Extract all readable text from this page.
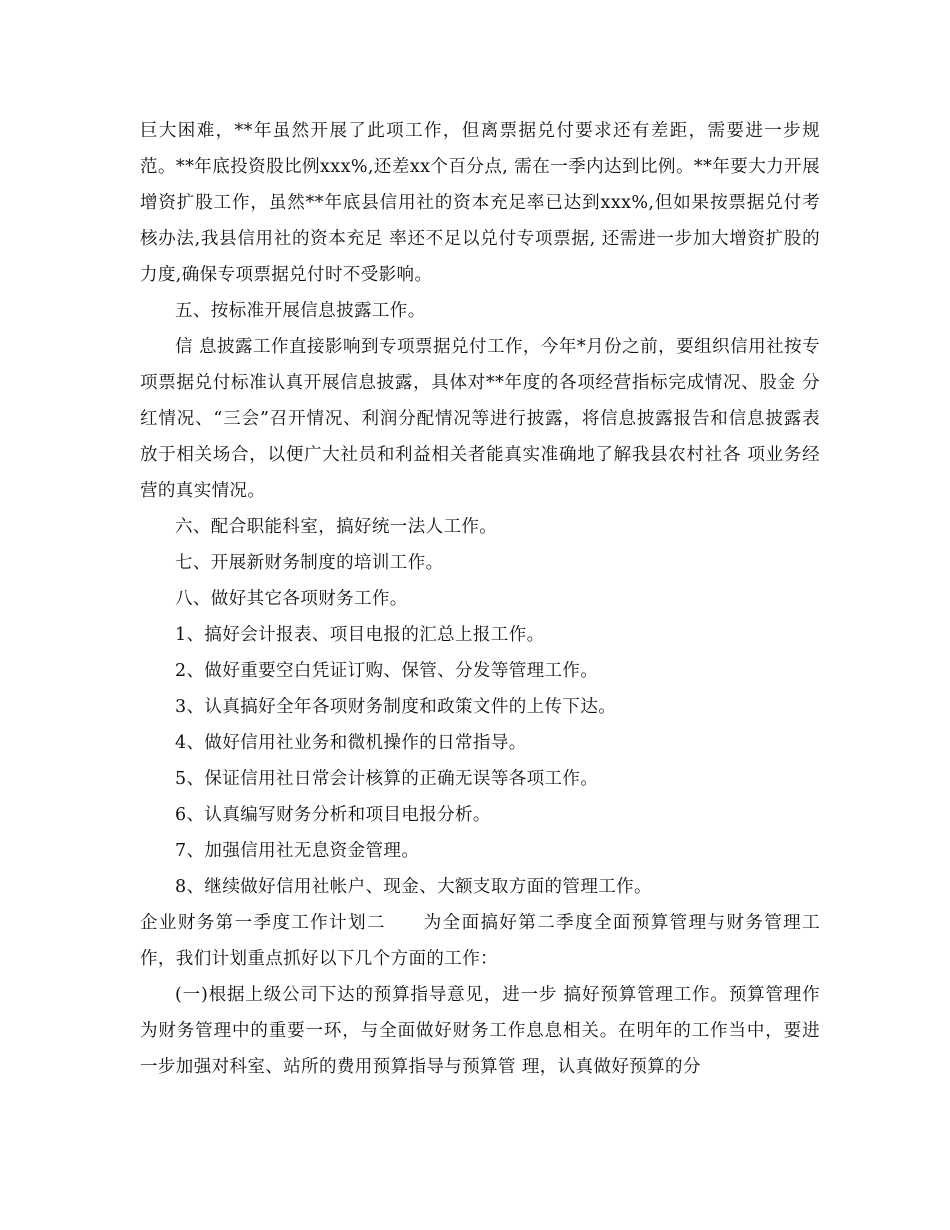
巨大困难，**年虽然开展了此项工作，但离票据兑付要求还有差距，需要进一步规范。**年底投资股比例xxx%,还差xx个百分点, 需在一季内达到比例。**年要大力开展增资扩股工作，虽然**年底县信用社的资本充足率已达到xxx%,但如果按票据兑付考核办法,我县信用社的资本充足 率还不足以兑付专项票据, 还需进一步加大增资扩股的力度,确保专项票据兑付时不受影响。

五、按标准开展信息披露工作。

信 息披露工作直接影响到专项票据兑付工作，今年*月份之前，要组织信用社按专项票据兑付标准认真开展信息披露，具体对**年度的各项经营指标完成情况、股金 分红情况、“三会”召开情况、利润分配情况等进行披露，将信息披露报告和信息披露表放于相关场合，以便广大社员和利益相关者能真实准确地了解我县农村社各 项业务经营的真实情况。

六、配合职能科室，搞好统一法人工作。

七、开展新财务制度的培训工作。

八、做好其它各项财务工作。

1、搞好会计报表、项目电报的汇总上报工作。

2、做好重要空白凭证订购、保管、分发等管理工作。

3、认真搞好全年各项财务制度和政策文件的上传下达。

4、做好信用社业务和微机操作的日常指导。

5、保证信用社日常会计核算的正确无误等各项工作。

6、认真编写财务分析和项目电报分析。

7、加强信用社无息资金管理。

8、继续做好信用社帐户、现金、大额支取方面的管理工作。

企业财务第一季度工作计划二　　为全面搞好第二季度全面预算管理与财务管理工作，我们计划重点抓好以下几个方面的工作：

(一)根据上级公司下达的预算指导意见，进一步 搞好预算管理工作。预算管理作为财务管理中的重要一环，与全面做好财务工作息息相关。在明年的工作当中，要进一步加强对科室、站所的费用预算指导与预算管 理，认真做好预算的分
